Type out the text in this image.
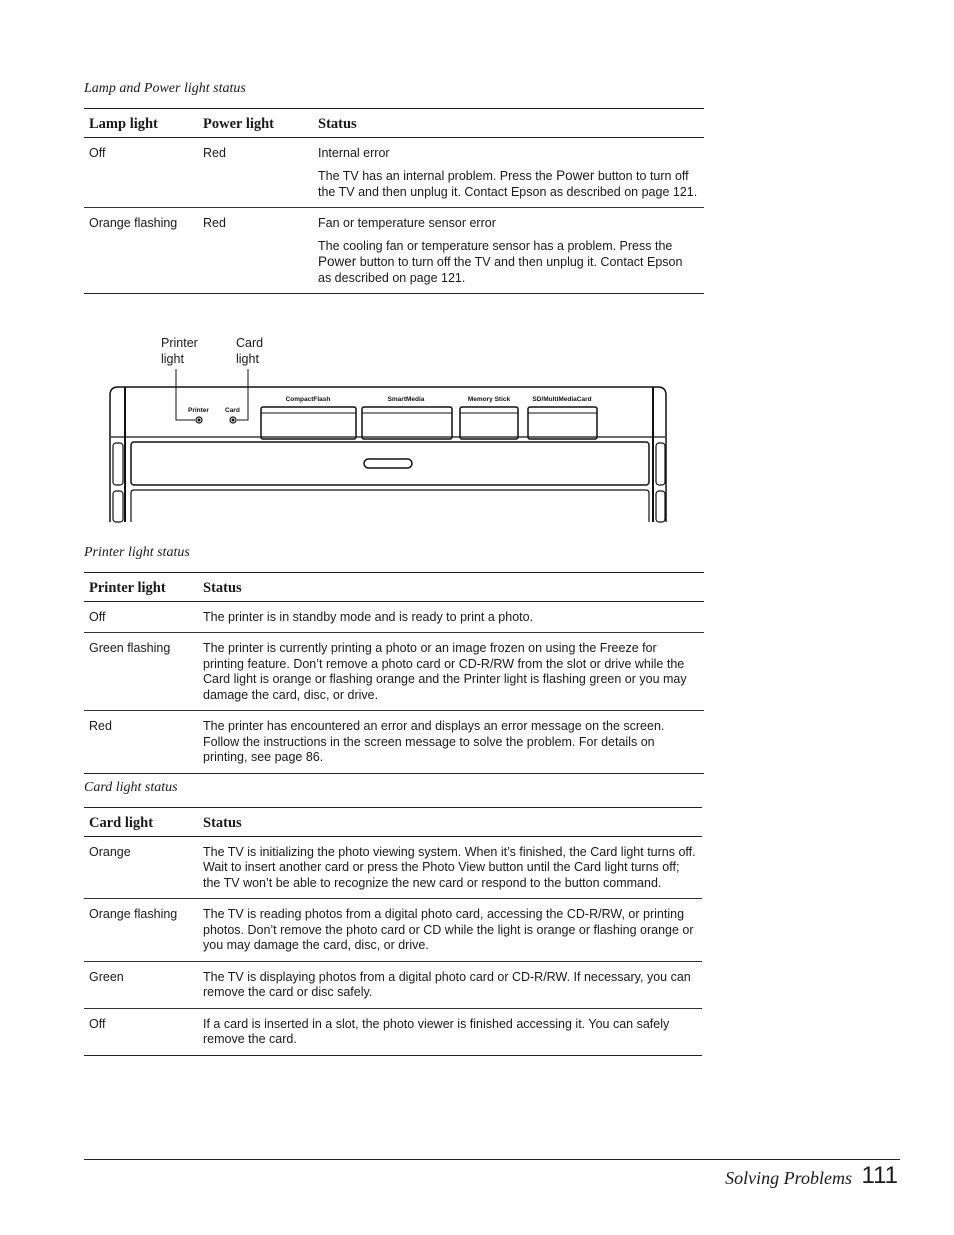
Lamp and Power light status
Lamp light	Power light	Status
Off	Red	Internal error

The TV has an internal problem. Press the Power button to turn off the TV and then unplug it. Contact Epson as described on page 121.

Orange flashing	Red	Fan or temperature sensor error

The cooling fan or temperature sensor has a problem. Press the Power button to turn off the TV and then unplug it. Contact Epson as described on page 121.

Printer
light
Card
light
Printer Card
CompactFlash	SmartMedia	Memory Stick	SD/MultiMediaCard
Printer light status
Printer light	Status
Off	The printer is in standby mode and is ready to print a photo.
Green flashing	The printer is currently printing a photo or an image frozen on using the Freeze for printing feature. Don’t remove a photo card or CD-R/RW from the slot or drive while the Card light is orange or flashing orange and the Printer light is flashing green or you may damage the card, disc, or drive.
Red	The printer has encountered an error and displays an error message on the screen. Follow the instructions in the screen message to solve the problem. For details on printing, see page 86.
Card light status
Card light	Status
Orange	The TV is initializing the photo viewing system. When it’s finished, the Card light turns off. Wait to insert another card or press the Photo View button until the Card light turns off; the TV won’t be able to recognize the new card or respond to the button command.
Orange flashing	The TV is reading photos from a digital photo card, accessing the CD-R/RW, or printing photos. Don’t remove the photo card or CD while the light is orange or flashing orange or you may damage the card, disc, or drive.
Green	The TV is displaying photos from a digital photo card or CD-R/RW. If necessary, you can remove the card or disc safely.
Off	If a card is inserted in a slot, the photo viewer is finished accessing it. You can safely remove the card.
Solving Problems 111
